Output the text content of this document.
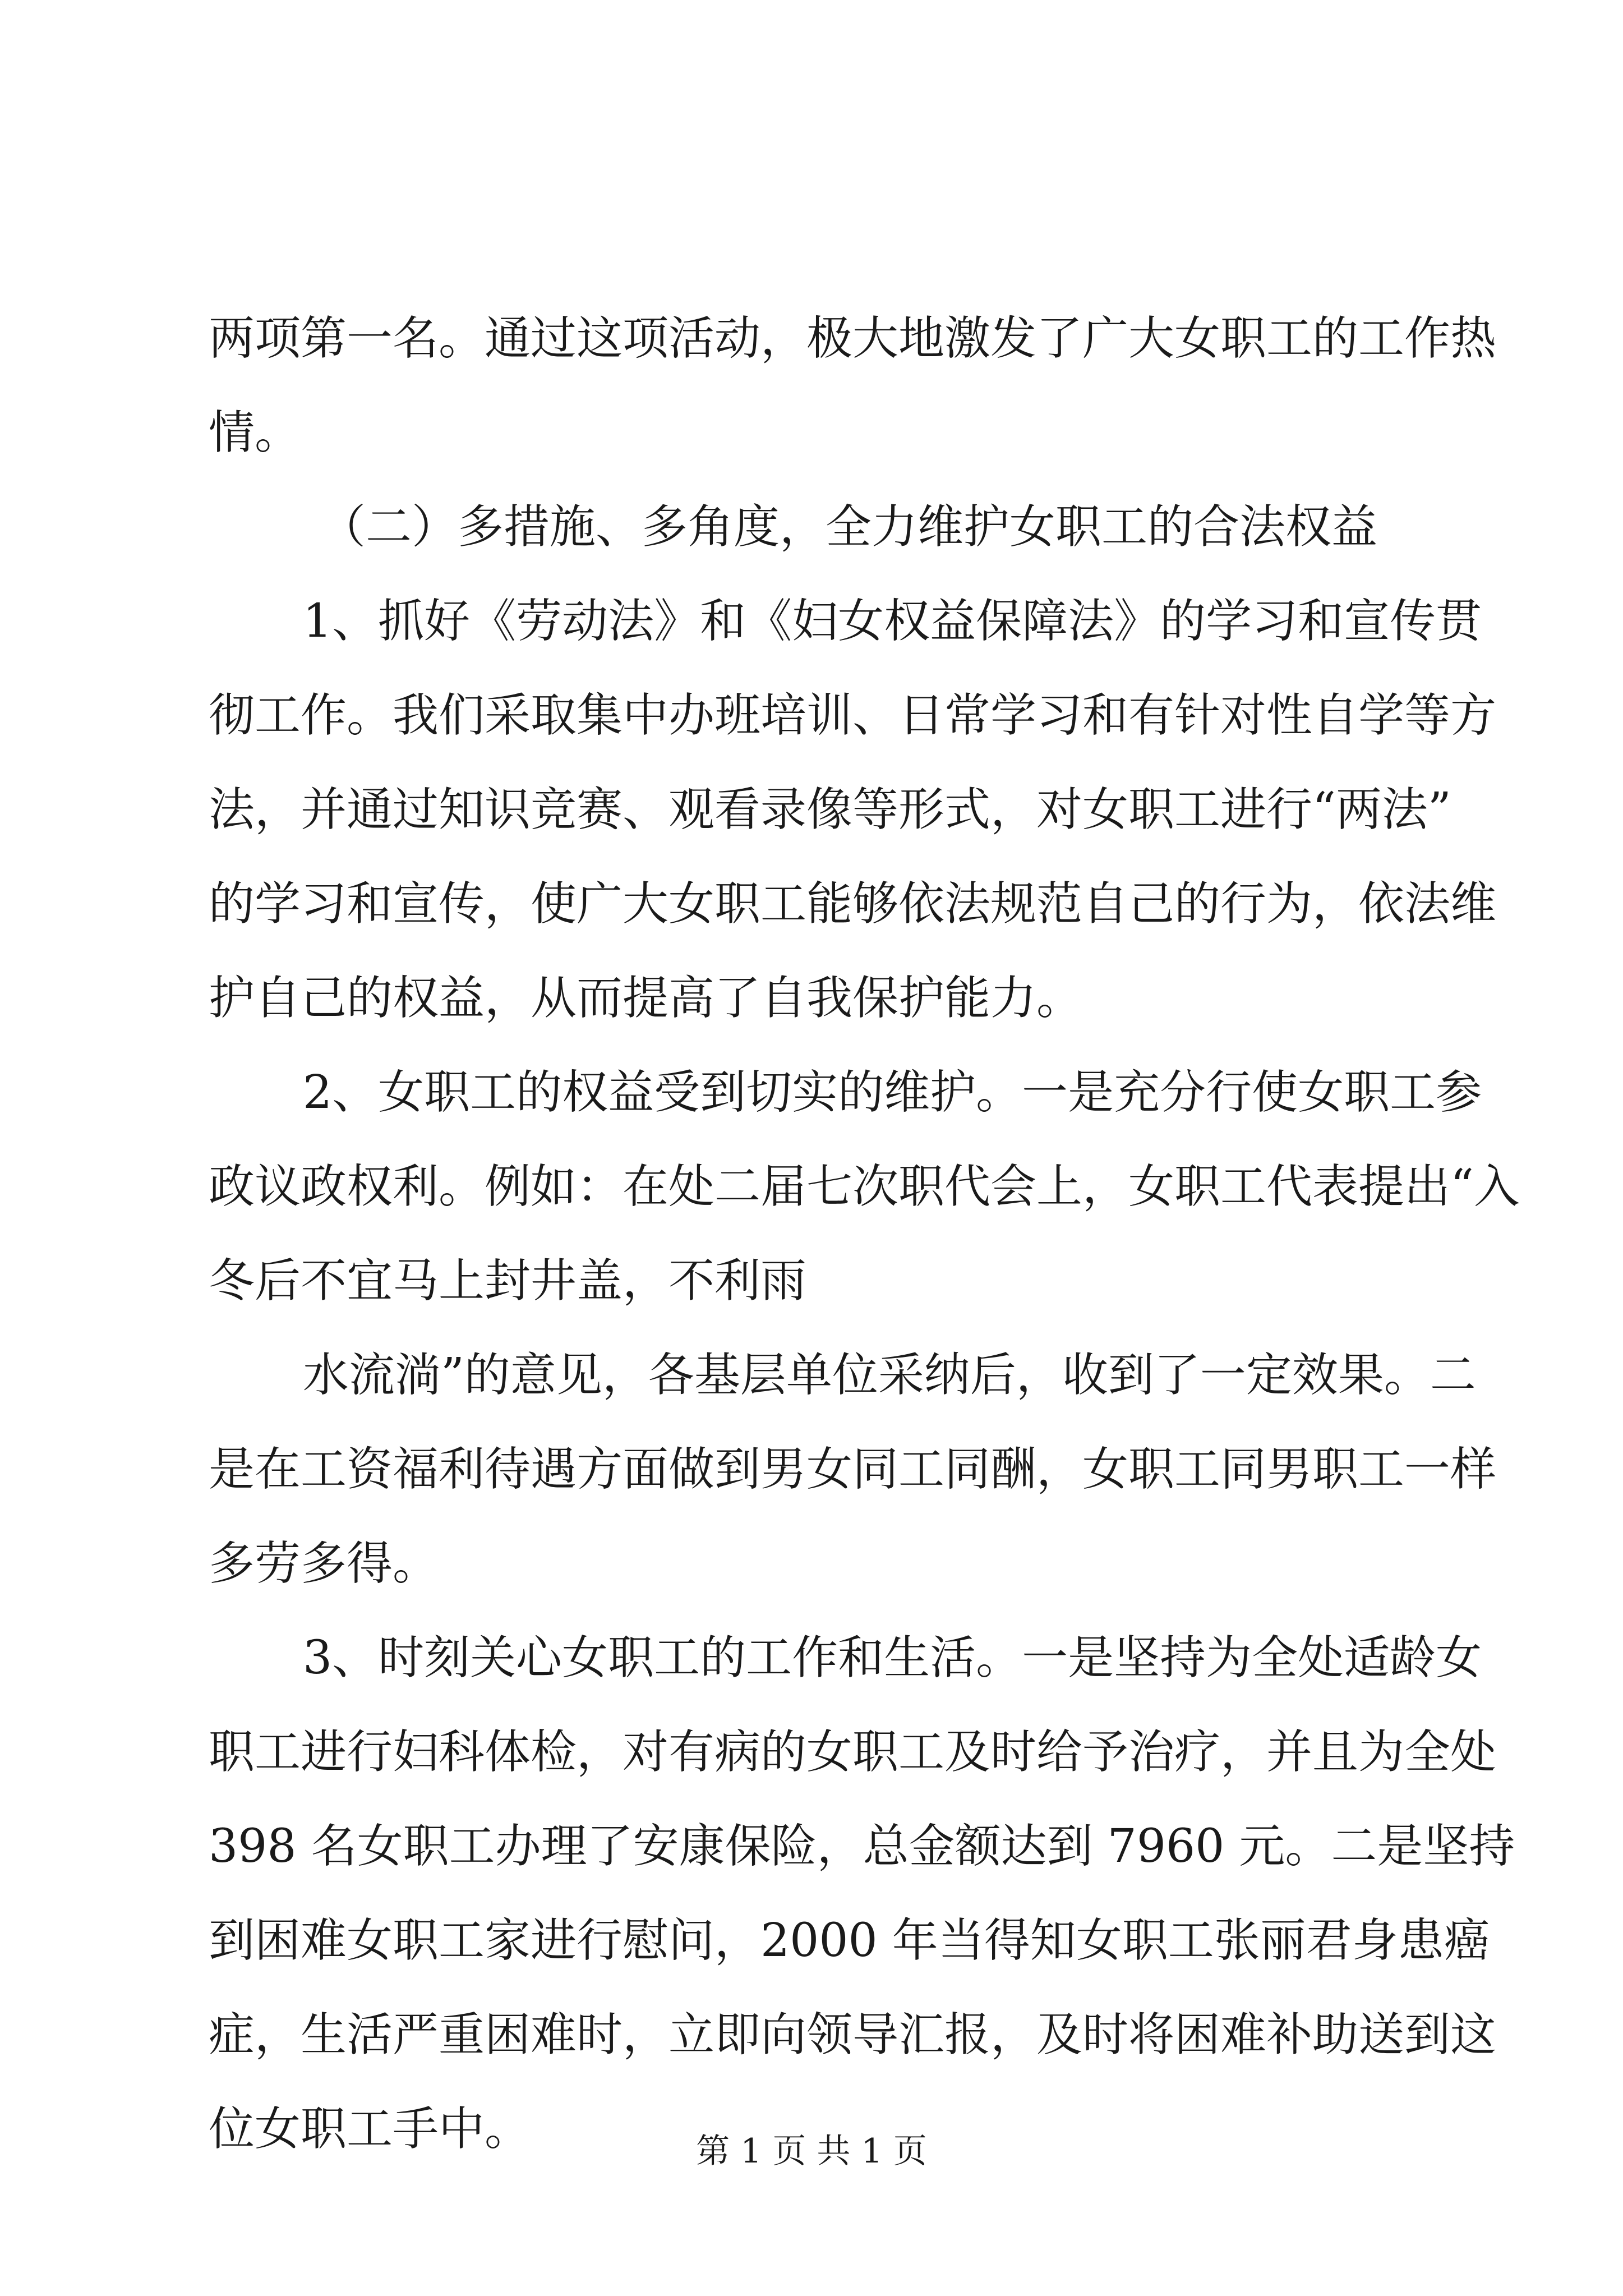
两项第一名。通过这项活动，极大地激发了广大女职工的工作热
情。
（二）多措施、多角度，全力维护女职工的合法权益
1、抓好《劳动法》和《妇女权益保障法》的学习和宣传贯
彻工作。我们采取集中办班培训、日常学习和有针对性自学等方
法，并通过知识竞赛、观看录像等形式，对女职工进行“两法”
的学习和宣传，使广大女职工能够依法规范自己的行为，依法维
护自己的权益，从而提高了自我保护能力。
2、女职工的权益受到切实的维护。一是充分行使女职工参
政议政权利。例如：在处二届七次职代会上，女职工代表提出“入
冬后不宜马上封井盖，不利雨
水流淌”的意见，各基层单位采纳后，收到了一定效果。二
是在工资福利待遇方面做到男女同工同酬，女职工同男职工一样
多劳多得。
3、时刻关心女职工的工作和生活。一是坚持为全处适龄女
职工进行妇科体检，对有病的女职工及时给予治疗，并且为全处
398 名女职工办理了安康保险，总金额达到 7960 元。二是坚持
到困难女职工家进行慰问，2000 年当得知女职工张丽君身患癌
症，生活严重困难时，立即向领导汇报，及时将困难补助送到这
位女职工手中。	第 1 页 共 1 页
